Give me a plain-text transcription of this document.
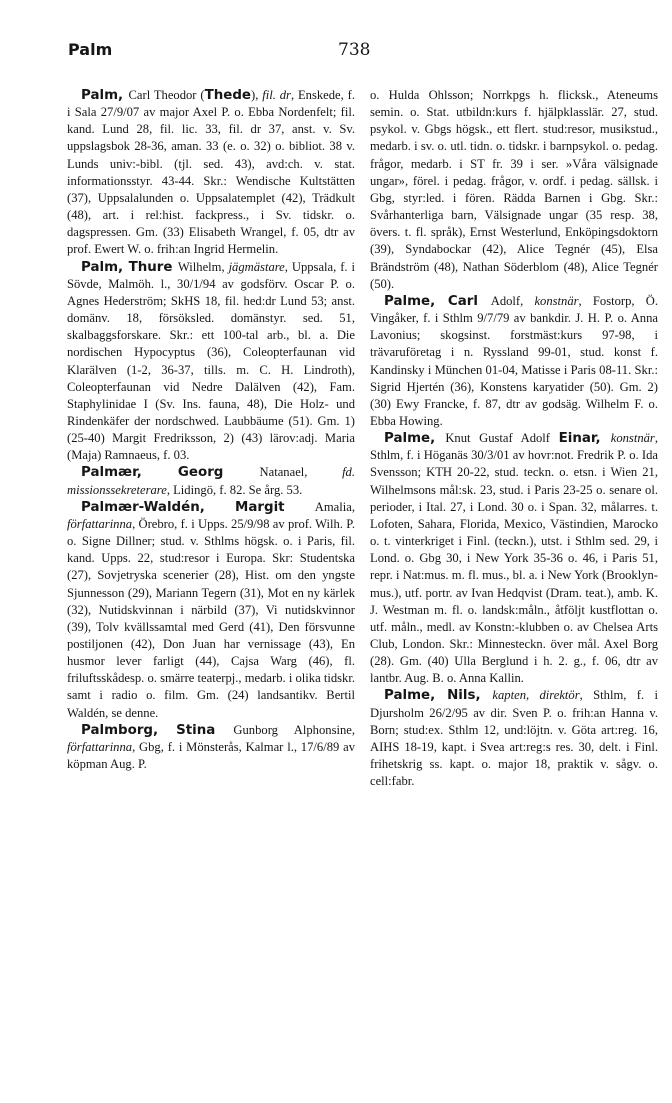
Palm	738

Palm, Carl Theodor (Thede), fil. dr, Enskede, f. i Sala 27/9/07 av major Axel P. o. Ebba Nordenfelt; fil. kand. Lund 28, fil. lic. 33, fil. dr 37, anst. v. Sv. uppslagsbok 28-36, aman. 33 (e. o. 32) o. bibliot. 38 v. Lunds univ:-bibl. (tjl. sed. 43), avd:ch. v. stat. informationsstyr. 43-44. Skr.: Wendische Kultstätten (37), Uppsalalunden o. Uppsalatemplet (42), Trädkult (48), art. i rel:hist. fackpress., i Sv. tidskr. o. dagspressen. Gm. (33) Elisabeth Wrangel, f. 05, dtr av prof. Ewert W. o. frih:an Ingrid Hermelin.

Palm, Thure Wilhelm, jägmästare, Uppsala, f. i Sövde, Malmöh. l., 30/1/94 av godsförv. Oscar P. o. Agnes Hederström; SkHS 18, fil. hed:dr Lund 53; anst. domänv. 18, försöksled. domänstyr. sed. 51, skalbaggsforskare. Skr.: ett 100-tal arb., bl. a. Die nordischen Hypocyptus (36), Coleopterfaunan vid Klarälven (1-2, 36-37, tills. m. C. H. Lindroth), Coleopterfaunan vid Nedre Dalälven (42), Fam. Staphylinidae I (Sv. Ins. fauna, 48), Die Holz- und Rindenkäfer der nordschwed. Laubbäume (51). Gm. 1) (25-40) Margit Fredriksson, 2) (43) lärov:adj. Maria (Maja) Ramnaeus, f. 03.

Palmær, Georg Natanael, fd. missionssekreterare, Lidingö, f. 82. Se årg. 53.

Palmær-Waldén, Margit Amalia, författarinna, Örebro, f. i Upps. 25/9/98 av prof. Wilh. P. o. Signe Dillner; stud. v. Sthlms högsk. o. i Paris, fil. kand. Upps. 22, stud:resor i Europa. Skr: Studentska (27), Sovjetryska scenerier (28), Hist. om den yngste Sjunnesson (29), Mariann Tegern (31), Mot en ny kärlek (32), Nutidskvinnan i närbild (37), Vi nutidskvinnor (39), Tolv kvällssamtal med Gerd (41), Den försvunne postiljonen (42), Don Juan har vernissage (43), En husmor lever farligt (44), Cajsa Warg (46), fl. friluftsskådesp. o. smärre teaterpj., medarb. i olika tidskr. samt i radio o. film. Gm. (24) landsantikv. Bertil Waldén, se denne.

Palmborg, Stina Gunborg Alphonsine, författarinna, Gbg, f. i Mönsterås, Kalmar l., 17/6/89 av köpman Aug. P.

o. Hulda Ohlsson; Norrkpgs h. flicksk., Ateneums semin. o. Stat. utbildn:kurs f. hjälpklasslär. 27, stud. psykol. v. Gbgs högsk., ett flert. stud:resor, musikstud., medarb. i sv. o. utl. tidn. o. tidskr. i barnpsykol. o. pedag. frågor, medarb. i ST fr. 39 i ser. »Våra välsignade ungar», förel. i pedag. frågor, v. ordf. i pedag. sällsk. i Gbg, styr:led. i fören. Rädda Barnen i Gbg. Skr.: Svårhanterliga barn, Välsignade ungar (35 resp. 38, övers. t. fl. språk), Ernst Westerlund, Enköpingsdoktorn (39), Syndabockar (42), Alice Tegnér (45), Elsa Brändström (48), Nathan Söderblom (48), Alice Tegnér (50).

Palme, Carl Adolf, konstnär, Fostorp, Ö. Vingåker, f. i Sthlm 9/7/79 av bankdir. J. H. P. o. Anna Lavonius; skogsinst. forstmäst:kurs 97-98, i trävaruföretag i n. Ryssland 99-01, stud. konst f. Kandinsky i München 01-04, Matisse i Paris 08-11. Skr.: Sigrid Hjertén (36), Konstens karyatider (50). Gm. 2) (30) Ewy Francke, f. 87, dtr av godsäg. Wilhelm F. o. Ebba Howing.

Palme, Knut Gustaf Adolf Einar, konstnär, Sthlm, f. i Höganäs 30/3/01 av hovr:not. Fredrik P. o. Ida Svensson; KTH 20-22, stud. teckn. o. etsn. i Wien 21, Wilhelmsons mål:sk. 23, stud. i Paris 23-25 o. senare ol. perioder, i Ital. 27, i Lond. 30 o. i Span. 32, målarres. t. Lofoten, Sahara, Florida, Mexico, Västindien, Marocko o. t. vinterkriget i Finl. (teckn.), utst. i Sthlm sed. 29, i Lond. o. Gbg 30, i New York 35-36 o. 46, i Paris 51, repr. i Nat:mus. m. fl. mus., bl. a. i New York (Brooklyn-mus.), utf. portr. av Ivan Hedqvist (Dram. teat.), amb. K. J. Westman m. fl. o. landsk:måln., åtföljt kustflottan o. utf. måln., medl. av Konstn:-klubben o. av Chelsea Arts Club, London. Skr.: Minnesteckn. över mål. Axel Borg (28). Gm. (40) Ulla Berglund i h. 2. g., f. 06, dtr av lantbr. Aug. B. o. Anna Kallin.

Palme, Nils, kapten, direktör, Sthlm, f. i Djursholm 26/2/95 av dir. Sven P. o. frih:an Hanna v. Born; stud:ex. Sthlm 12, und:löjtn. v. Göta art:reg. 16, AIHS 18-19, kapt. i Svea art:reg:s res. 30, delt. i Finl. frihetskrig ss. kapt. o. major 18, praktik v. sågv. o. cell:fabr.
